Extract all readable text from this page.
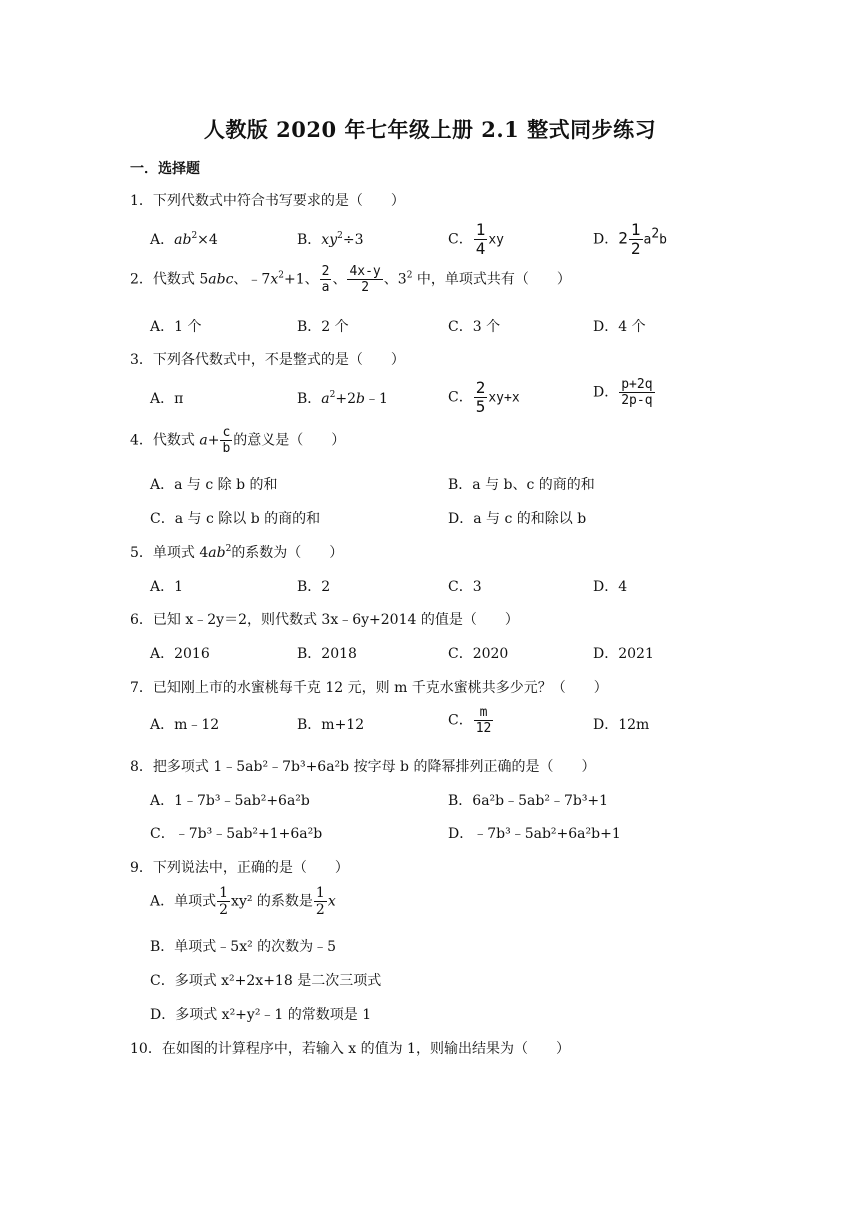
人教版 2020 年七年级上册 2.1 整式同步练习
一．选择题
1．下列代数式中符合书写要求的是（　　）
A．$ab^2\times 4$	B．$xy^2\div 3$	C． $\frac{1}{4}$ xy	D．$2 \frac{1}{2} a^2b$
2．代数式 5abc、$﹣7x^2+1$、 $\frac{2}{a}$ 、 $\frac{4x-y}{2}$ 、$3^2$ 中，单项式共有（　　）
A．1 个	B．2 个	C．3 个	D．4 个
3．下列各代数式中，不是整式的是（　　）
A．π	B．$a^2+2b﹣1$	C． $\frac{2}{5} xy+x$	D． $\frac{p+2q}{2p-q}$
4．代数式 $a+ \frac{c}{b}$ 的意义是（　　）
A．a 与 c 除 b 的和	B．a 与 b、c 的商的和
C．a 与 c 除以 b 的商的和	D．a 与 c 的和除以 b
5．单项式 $4ab^2$的系数为（　　）
A．1	B．2	C．3	D．4
6．已知 x﹣2y＝2，则代数式 3x﹣6y+2014 的值是（　　）
A．2016	B．2018	C．2020	D．2021
7．已知刚上市的水蜜桃每千克 12 元，则 m 千克水蜜桃共多少元？（　　）
A．m﹣12	B．m+12	C． $\frac{m}{12}$	D．12m
8．把多项式 1﹣5ab²﹣7b³+6a²b 按字母 b 的降幂排列正确的是（　　）
A．1﹣7b³﹣5ab²+6a²b	B．6a²b﹣5ab²﹣7b³+1
C．﹣7b³﹣5ab²+1+6a²b	D．﹣7b³﹣5ab²+6a²b+1
9．下列说法中，正确的是（　　）
A．单项式 $\frac{1}{2} xy^2$ 的系数是 $\frac{1}{2}$ x
B．单项式﹣5x² 的次数为﹣5
C．多项式 x²+2x+18 是二次三项式
D．多项式 x²+y²﹣1 的常数项是 1
10．在如图的计算程序中，若输入 x 的值为 1，则输出结果为（　　）
